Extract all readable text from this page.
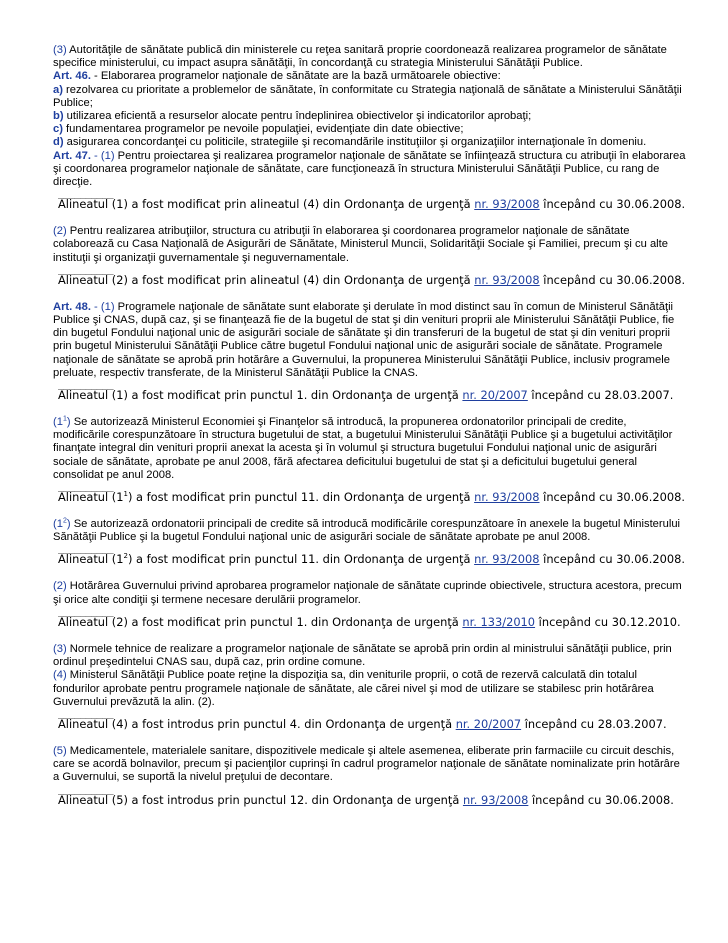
(3) Autorităţile de sănătate publică din ministerele cu reţea sanitară proprie coordonează realizarea programelor de sănătate specifice ministerului, cu impact asupra sănătăţii, în concordanţă cu strategia Ministerului Sănătăţii Publice.

Art. 46. - Elaborarea programelor naţionale de sănătate are la bază următoarele obiective:

a) rezolvarea cu prioritate a problemelor de sănătate, în conformitate cu Strategia naţională de sănătate a Ministerului Sănătăţii Publice;

b) utilizarea eficientă a resurselor alocate pentru îndeplinirea obiectivelor şi indicatorilor aprobaţi;

c) fundamentarea programelor pe nevoile populaţiei, evidenţiate din date obiective;

d) asigurarea concordanţei cu politicile, strategiile şi recomandările instituţiilor şi organizaţiilor internaţionale în domeniu.

Art. 47. - (1) Pentru proiectarea şi realizarea programelor naţionale de sănătate se înfiinţează structura cu atribuţii în elaborarea şi coordonarea programelor naţionale de sănătate, care funcţionează în structura Ministerului Sănătăţii Publice, cu rang de direcţie.

__________
Alineatul (1) a fost modificat prin alineatul (4) din Ordonanţa de urgenţă nr. 93/2008 începând cu 30.06.2008.

(2) Pentru realizarea atribuţiilor, structura cu atribuţii în elaborarea şi coordonarea programelor naţionale de sănătate colaborează cu Casa Naţională de Asigurări de Sănătate, Ministerul Muncii, Solidarităţii Sociale şi Familiei, precum şi cu alte instituţii şi organizaţii guvernamentale şi neguvernamentale.

__________
Alineatul (2) a fost modificat prin alineatul (4) din Ordonanţa de urgenţă nr. 93/2008 începând cu 30.06.2008.

Art. 48. - (1) Programele naţionale de sănătate sunt elaborate şi derulate în mod distinct sau în comun de Ministerul Sănătăţii Publice şi CNAS, după caz, şi se finanţează fie de la bugetul de stat şi din venituri proprii ale Ministerului Sănătăţii Publice, fie din bugetul Fondului naţional unic de asigurări sociale de sănătate şi din transferuri de la bugetul de stat şi din venituri proprii prin bugetul Ministerului Sănătăţii Publice către bugetul Fondului naţional unic de asigurări sociale de sănătate. Programele naţionale de sănătate se aprobă prin hotărâre a Guvernului, la propunerea Ministerului Sănătăţii Publice, inclusiv programele preluate, respectiv transferate, de la Ministerul Sănătăţii Publice la CNAS.

__________
Alineatul (1) a fost modificat prin punctul 1. din Ordonanţa de urgenţă nr. 20/2007 începând cu 28.03.2007.

$(1^1)$ Se autorizează Ministerul Economiei şi Finanţelor să introducă, la propunerea ordonatorilor principali de credite, modificările corespunzătoare în structura bugetului de stat, a bugetului Ministerului Sănătăţii Publice şi a bugetului activităţilor finanţate integral din venituri proprii anexat la acesta şi în volumul şi structura bugetului Fondului naţional unic de asigurări sociale de sănătate, aprobate pe anul 2008, fără afectarea deficitului bugetului de stat şi a deficitului bugetului general consolidat pe anul 2008.

__________
Alineatul $(1^1)$ a fost modificat prin punctul 11. din Ordonanţa de urgenţă nr. 93/2008 începând cu 30.06.2008.

$(1^2)$ Se autorizează ordonatorii principali de credite să introducă modificările corespunzătoare în anexele la bugetul Ministerului Sănătăţii Publice şi la bugetul Fondului naţional unic de asigurări sociale de sănătate aprobate pe anul 2008.

__________
Alineatul $(1^2)$ a fost modificat prin punctul 11. din Ordonanţa de urgenţă nr. 93/2008 începând cu 30.06.2008.

(2) Hotărârea Guvernului privind aprobarea programelor naţionale de sănătate cuprinde obiectivele, structura acestora, precum şi orice alte condiţii şi termene necesare derulării programelor.

__________
Alineatul (2) a fost modificat prin punctul 1. din Ordonanţa de urgenţă nr. 133/2010 începând cu 30.12.2010.

(3) Normele tehnice de realizare a programelor naţionale de sănătate se aprobă prin ordin al ministrului sănătăţii publice, prin ordinul preşedintelui CNAS sau, după caz, prin ordine comune.

(4) Ministerul Sănătăţii Publice poate reţine la dispoziţia sa, din veniturile proprii, o cotă de rezervă calculată din totalul fondurilor aprobate pentru programele naţionale de sănătate, ale cărei nivel şi mod de utilizare se stabilesc prin hotărârea Guvernului prevăzută la alin. (2).

__________
Alineatul (4) a fost introdus prin punctul 4. din Ordonanţa de urgenţă nr. 20/2007 începând cu 28.03.2007.

(5) Medicamentele, materialele sanitare, dispozitivele medicale şi altele asemenea, eliberate prin farmaciile cu circuit deschis, care se acordă bolnavilor, precum şi pacienţilor cuprinşi în cadrul programelor naţionale de sănătate nominalizate prin hotărâre a Guvernului, se suportă la nivelul preţului de decontare.

__________
Alineatul (5) a fost introdus prin punctul 12. din Ordonanţa de urgenţă nr. 93/2008 începând cu 30.06.2008.
